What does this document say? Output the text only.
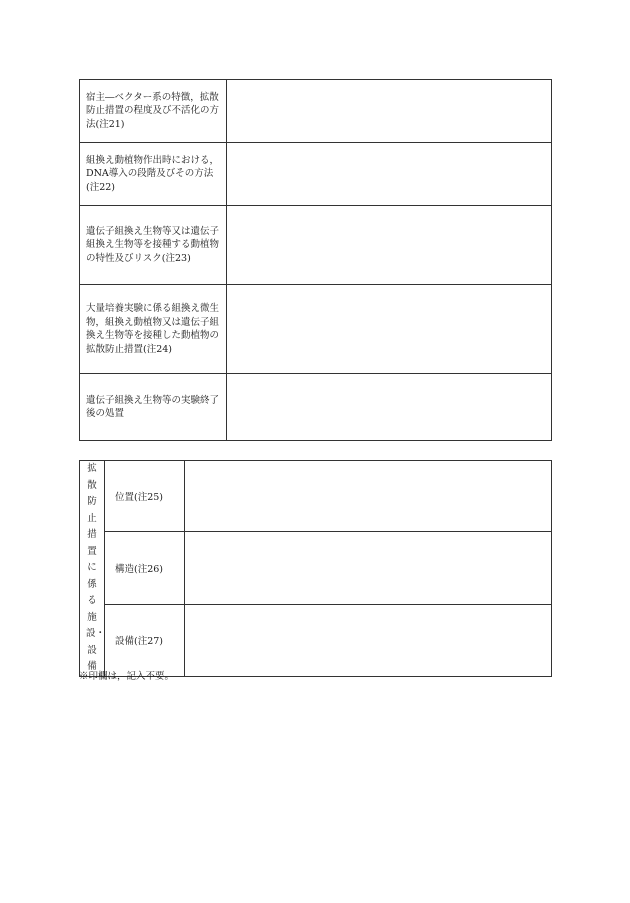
宿主―ベクター系の特徴，拡散防止措置の程度及び不活化の方法(注21)	
組換え動植物作出時における，DNA導入の段階及びその方法(注22)	
遺伝子組換え生物等又は遺伝子組換え生物等を接種する動植物の特性及びリスク(注23)	
大量培養実験に係る組換え微生物，組換え動植物又は遺伝子組換え生物等を接種した動植物の拡散防止措置(注24)	
遺伝子組換え生物等の実験終了後の処置	
拡散防止措置に係る施設・設備	位置(注25)	
	構造(注26)	
	設備(注27)	
※印欄は，記入不要。
